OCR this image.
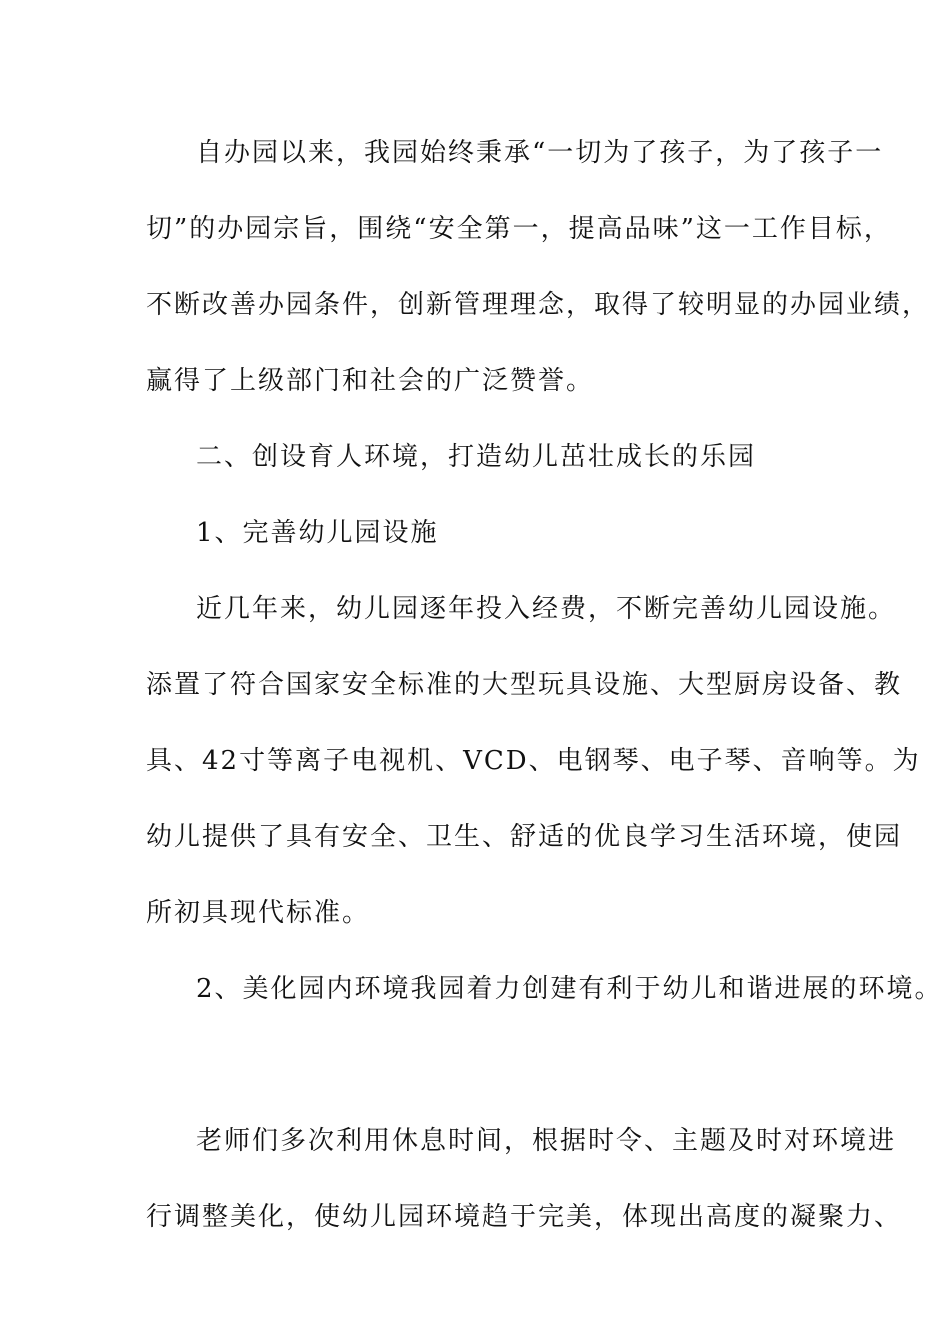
自办园以来，我园始终秉承“一切为了孩子，为了孩子一
切”的办园宗旨，围绕“安全第一，提高品味”这一工作目标，
不断改善办园条件，创新管理理念，取得了较明显的办园业绩，
赢得了上级部门和社会的广泛赞誉。
二、创设育人环境，打造幼儿茁壮成长的乐园
1、完善幼儿园设施
近几年来，幼儿园逐年投入经费，不断完善幼儿园设施。
添置了符合国家安全标准的大型玩具设施、大型厨房设备、教
具、42寸等离子电视机、VCD、电钢琴、电子琴、音响等。为
幼儿提供了具有安全、卫生、舒适的优良学习生活环境，使园
所初具现代标准。
2、美化园内环境我园着力创建有利于幼儿和谐进展的环境。
老师们多次利用休息时间，根据时令、主题及时对环境进
行调整美化，使幼儿园环境趋于完美，体现出高度的凝聚力、
